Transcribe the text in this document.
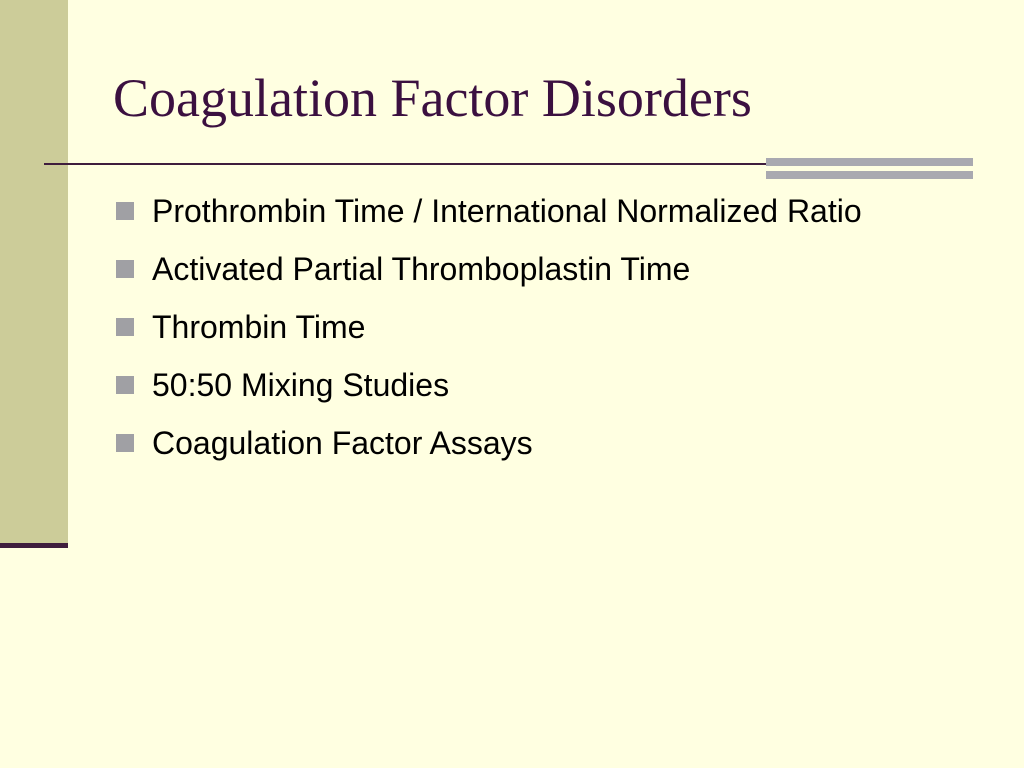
Coagulation Factor Disorders
Prothrombin Time / International Normalized Ratio
Activated Partial Thromboplastin Time
Thrombin Time
50:50 Mixing Studies
Coagulation Factor Assays
